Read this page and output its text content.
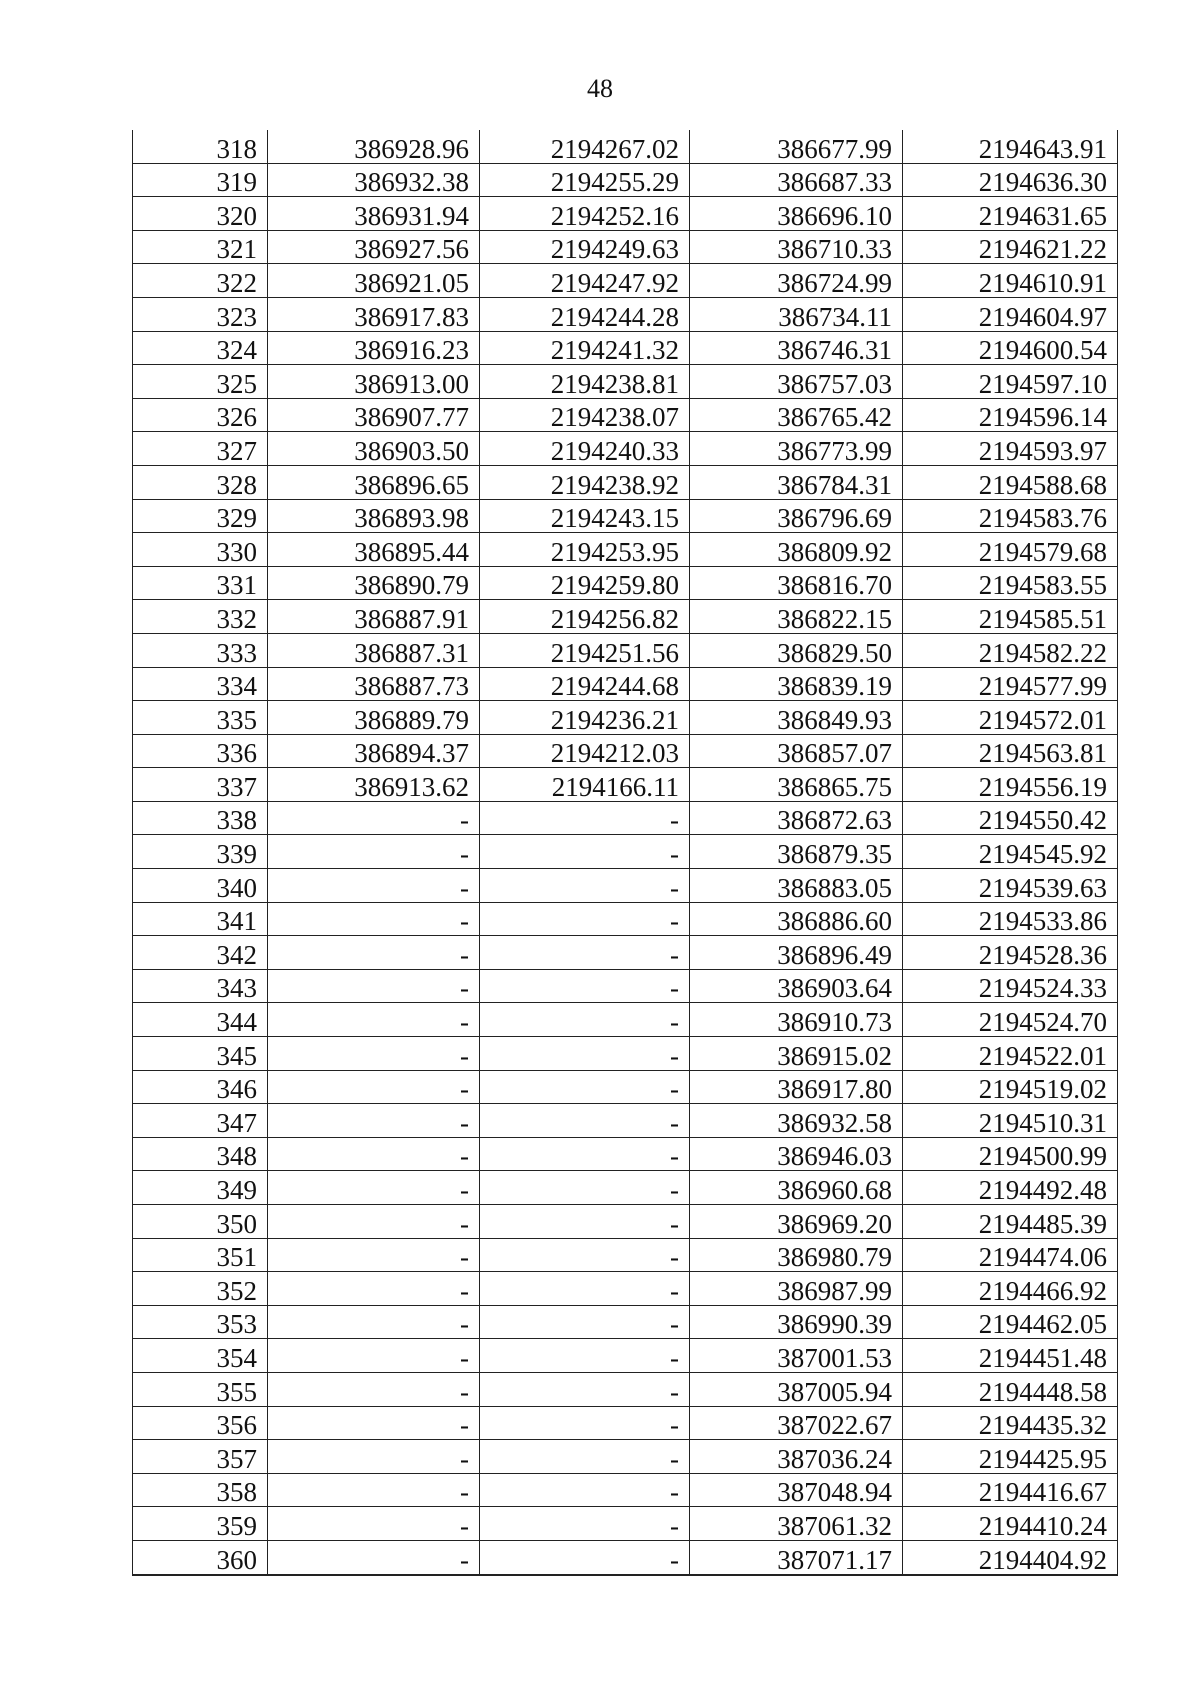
48
318	386928.96	2194267.02	386677.99	2194643.91
319	386932.38	2194255.29	386687.33	2194636.30
320	386931.94	2194252.16	386696.10	2194631.65
321	386927.56	2194249.63	386710.33	2194621.22
322	386921.05	2194247.92	386724.99	2194610.91
323	386917.83	2194244.28	386734.11	2194604.97
324	386916.23	2194241.32	386746.31	2194600.54
325	386913.00	2194238.81	386757.03	2194597.10
326	386907.77	2194238.07	386765.42	2194596.14
327	386903.50	2194240.33	386773.99	2194593.97
328	386896.65	2194238.92	386784.31	2194588.68
329	386893.98	2194243.15	386796.69	2194583.76
330	386895.44	2194253.95	386809.92	2194579.68
331	386890.79	2194259.80	386816.70	2194583.55
332	386887.91	2194256.82	386822.15	2194585.51
333	386887.31	2194251.56	386829.50	2194582.22
334	386887.73	2194244.68	386839.19	2194577.99
335	386889.79	2194236.21	386849.93	2194572.01
336	386894.37	2194212.03	386857.07	2194563.81
337	386913.62	2194166.11	386865.75	2194556.19
338	-	-	386872.63	2194550.42
339	-	-	386879.35	2194545.92
340	-	-	386883.05	2194539.63
341	-	-	386886.60	2194533.86
342	-	-	386896.49	2194528.36
343	-	-	386903.64	2194524.33
344	-	-	386910.73	2194524.70
345	-	-	386915.02	2194522.01
346	-	-	386917.80	2194519.02
347	-	-	386932.58	2194510.31
348	-	-	386946.03	2194500.99
349	-	-	386960.68	2194492.48
350	-	-	386969.20	2194485.39
351	-	-	386980.79	2194474.06
352	-	-	386987.99	2194466.92
353	-	-	386990.39	2194462.05
354	-	-	387001.53	2194451.48
355	-	-	387005.94	2194448.58
356	-	-	387022.67	2194435.32
357	-	-	387036.24	2194425.95
358	-	-	387048.94	2194416.67
359	-	-	387061.32	2194410.24
360	-	-	387071.17	2194404.92
